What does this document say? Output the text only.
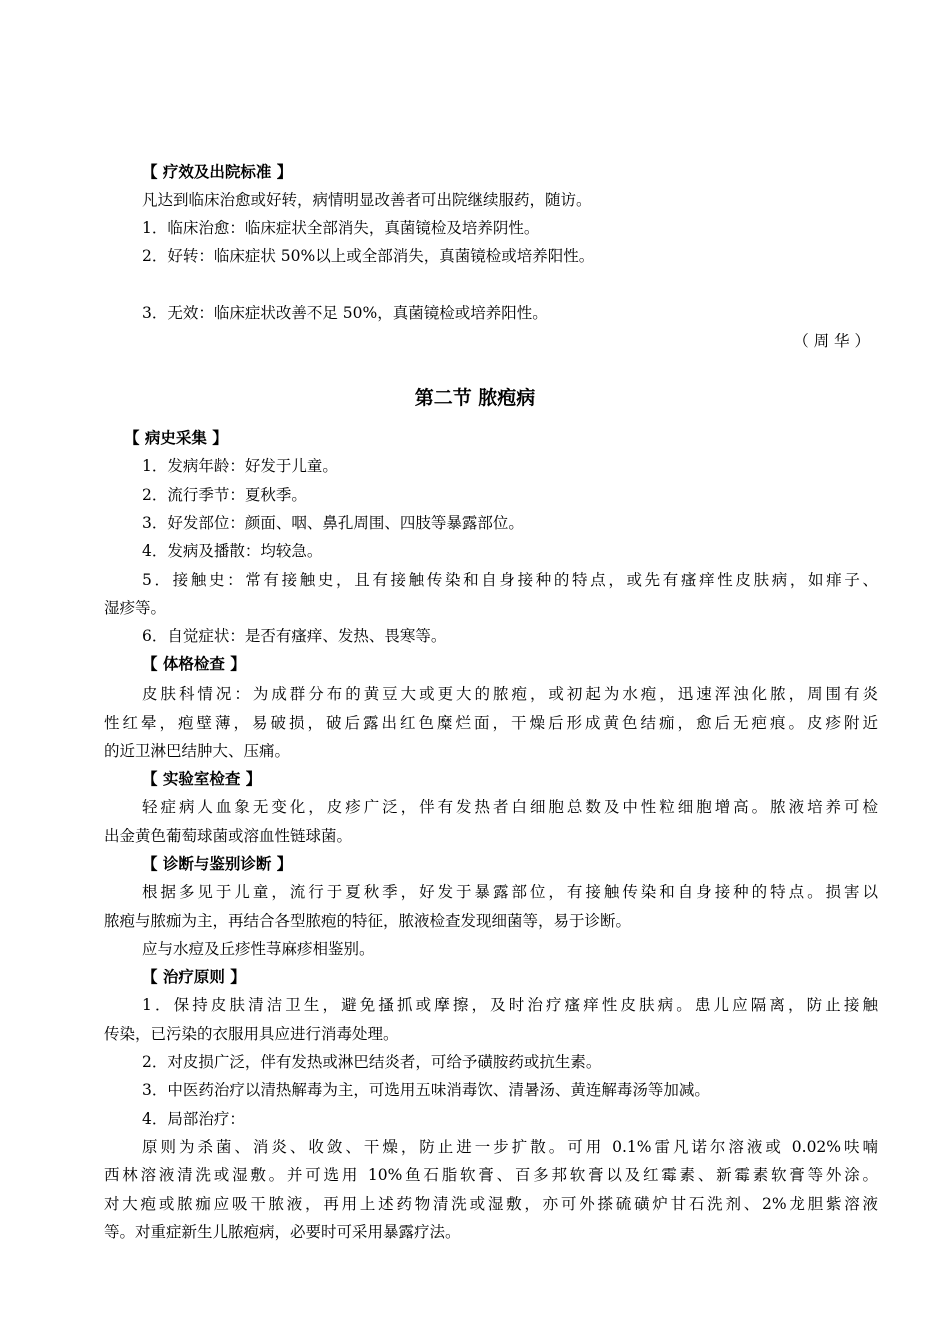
【 疗效及出院标准 】
凡达到临床治愈或好转，病情明显改善者可出院继续服药，随访。
1．临床治愈：临床症状全部消失，真菌镜检及培养阴性。
2．好转：临床症状 50%以上或全部消失，真菌镜检或培养阳性。
3．无效：临床症状改善不足 50%，真菌镜检或培养阳性。
（ 周 华 ）
第二节 脓疱病
【 病史采集 】
1．发病年龄：好发于儿童。
2．流行季节：夏秋季。
3．好发部位：颜面、咽、鼻孔周围、四肢等暴露部位。
4．发病及播散：均较急。
5．接触史：常有接触史，且有接触传染和自身接种的特点，或先有瘙痒性皮肤病，如痱子、
湿疹等。
6．自觉症状：是否有瘙痒、发热、畏寒等。
【 体格检查 】
皮肤科情况：为成群分布的黄豆大或更大的脓疱，或初起为水疱，迅速浑浊化脓，周围有炎
性红晕，疱壁薄，易破损，破后露出红色糜烂面，干燥后形成黄色结痂，愈后无疤痕。皮疹附近
的近卫淋巴结肿大、压痛。
【 实验室检查 】
轻症病人血象无变化，皮疹广泛，伴有发热者白细胞总数及中性粒细胞增高。脓液培养可检
出金黄色葡萄球菌或溶血性链球菌。
【 诊断与鉴别诊断 】
根据多见于儿童，流行于夏秋季，好发于暴露部位，有接触传染和自身接种的特点。损害以
脓疱与脓痂为主，再结合各型脓疱的特征，脓液检查发现细菌等，易于诊断。
应与水痘及丘疹性荨麻疹相鉴别。
【 治疗原则 】
1．保持皮肤清洁卫生，避免搔抓或摩擦，及时治疗瘙痒性皮肤病。患儿应隔离，防止接触
传染，已污染的衣服用具应进行消毒处理。
2．对皮损广泛，伴有发热或淋巴结炎者，可给予磺胺药或抗生素。
3．中医药治疗以清热解毒为主，可选用五味消毒饮、清暑汤、黄连解毒汤等加减。
4．局部治疗：
原则为杀菌、消炎、收敛、干燥，防止进一步扩散。可用 0.1%雷凡诺尔溶液或 0.02%呋喃
西林溶液清洗或湿敷。并可选用 10%鱼石脂软膏、百多邦软膏以及红霉素、新霉素软膏等外涂。
对大疱或脓痂应吸干脓液，再用上述药物清洗或湿敷，亦可外搽硫磺炉甘石洗剂、2%龙胆紫溶液
等。对重症新生儿脓疱病，必要时可采用暴露疗法。
